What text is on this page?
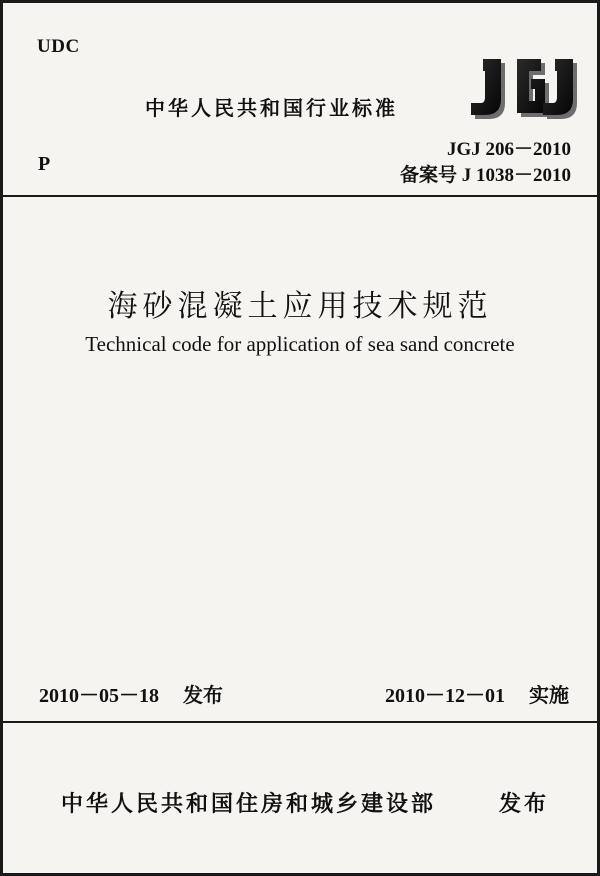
UDC
中华人民共和国行业标准
JGJ 206－2010
备案号 J 1038－2010
P
海砂混凝土应用技术规范
Technical code for application of sea sand concrete
2010－05－18 发布	2010－12－01 实施
中华人民共和国住房和城乡建设部	发布
